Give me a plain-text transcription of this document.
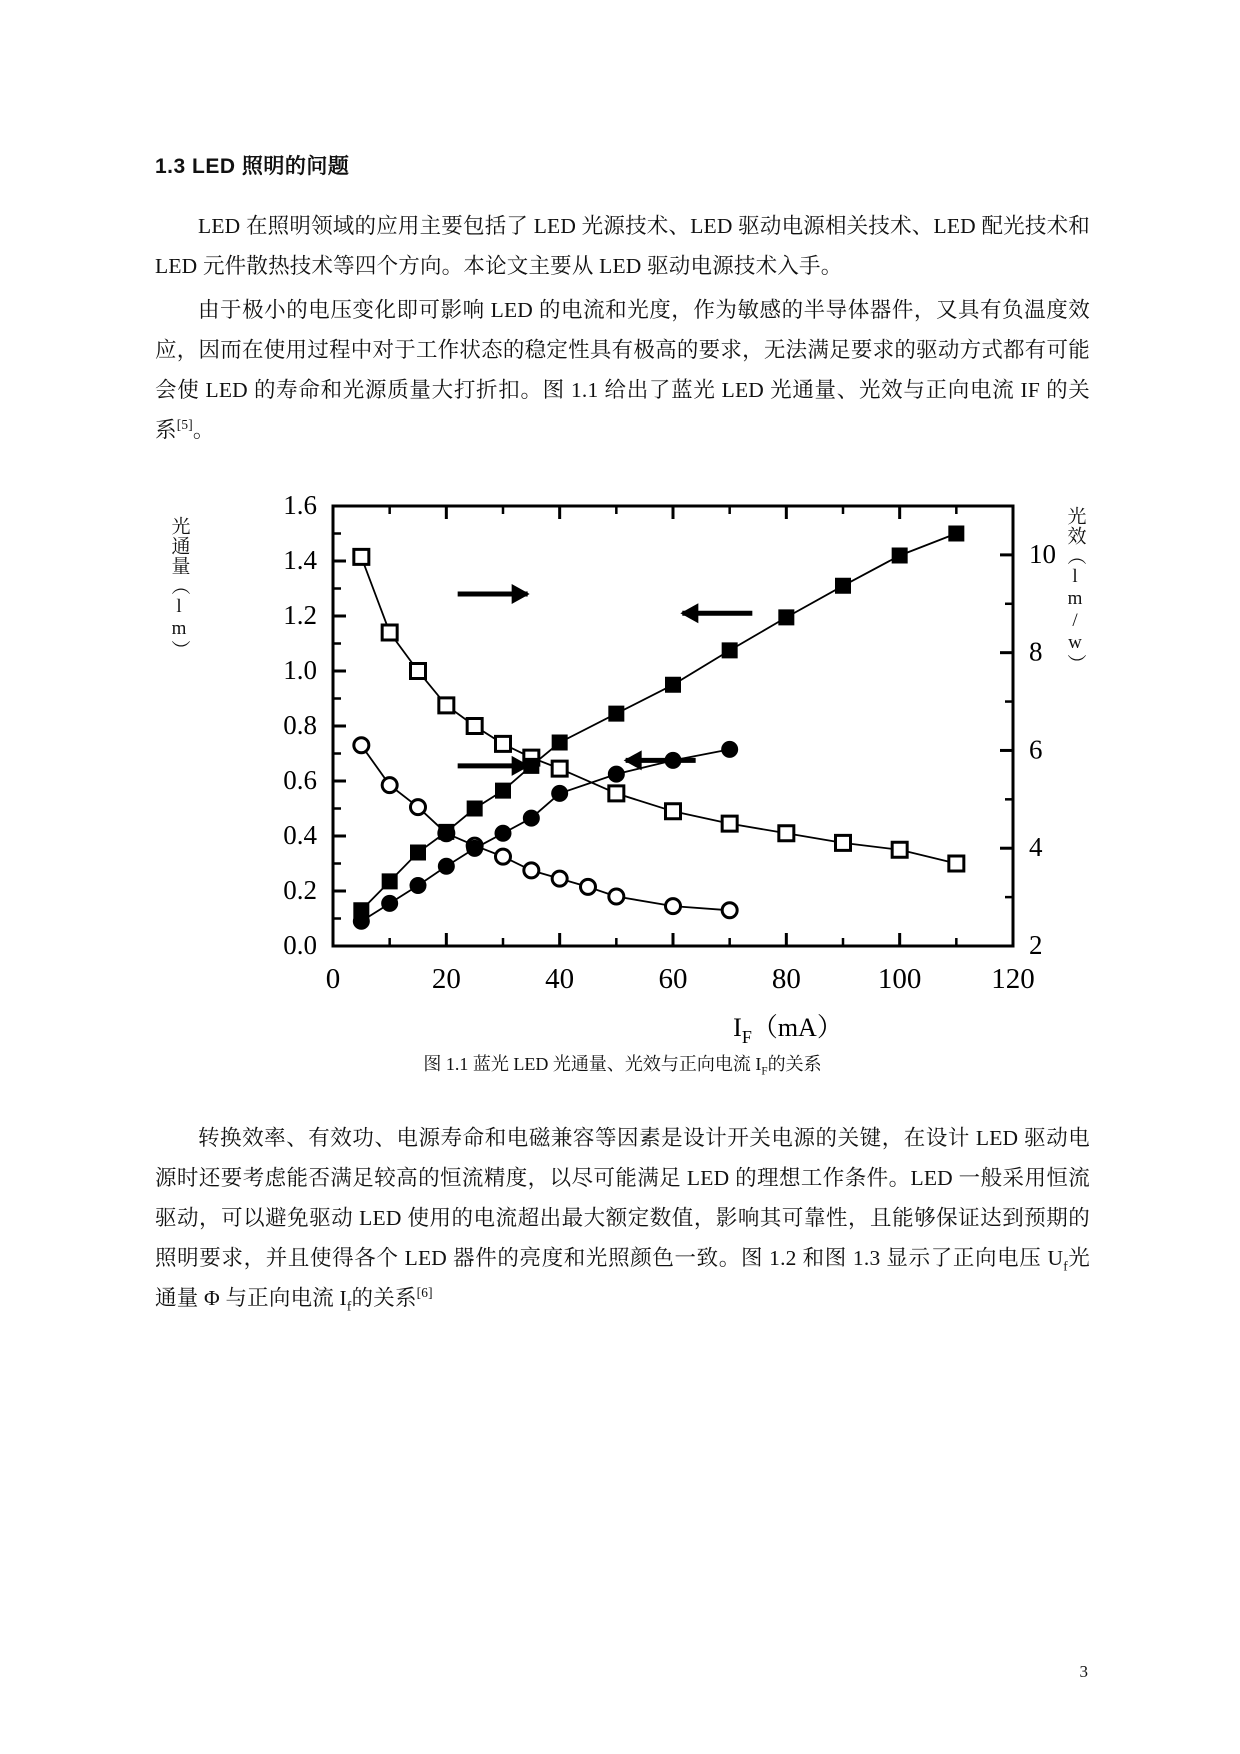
1.3 LED 照明的问题

LED 在照明领域的应用主要包括了 LED 光源技术、LED 驱动电源相关技术、LED 配光技术和 LED 元件散热技术等四个方向。本论文主要从 LED 驱动电源技术入手。

由于极小的电压变化即可影响 LED 的电流和光度，作为敏感的半导体器件，又具有负温度效应，因而在使用过程中对于工作状态的稳定性具有极高的要求，无法满足要求的驱动方式都有可能会使 LED 的寿命和光源质量大打折扣。图 1.1 给出了蓝光 LED 光通量、光效与正向电流 IF 的关系[5]。

光通量（lm）	光效（lm/w）
0.0
0.2
0.4
0.6
0.8
1.0
1.2
1.4
1.6
2
4
6
8
10
0	20	40	60	80	100 120
$I_F(mA)$
图 1.1 蓝光 LED 光通量、光效与正向电流 $I_F$的关系

转换效率、有效功、电源寿命和电磁兼容等因素是设计开关电源的关键，在设计 LED 驱动电源时还要考虑能否满足较高的恒流精度，以尽可能满足 LED 的理想工作条件。LED 一般采用恒流驱动，可以避免驱动 LED 使用的电流超出最大额定数值，影响其可靠性，且能够保证达到预期的照明要求，并且使得各个 LED 器件的亮度和光照颜色一致。图 1.2 和图 1.3 显示了正向电压 $U_f$光通量 Φ 与正向电流 $I_f$的关系[6]

3
